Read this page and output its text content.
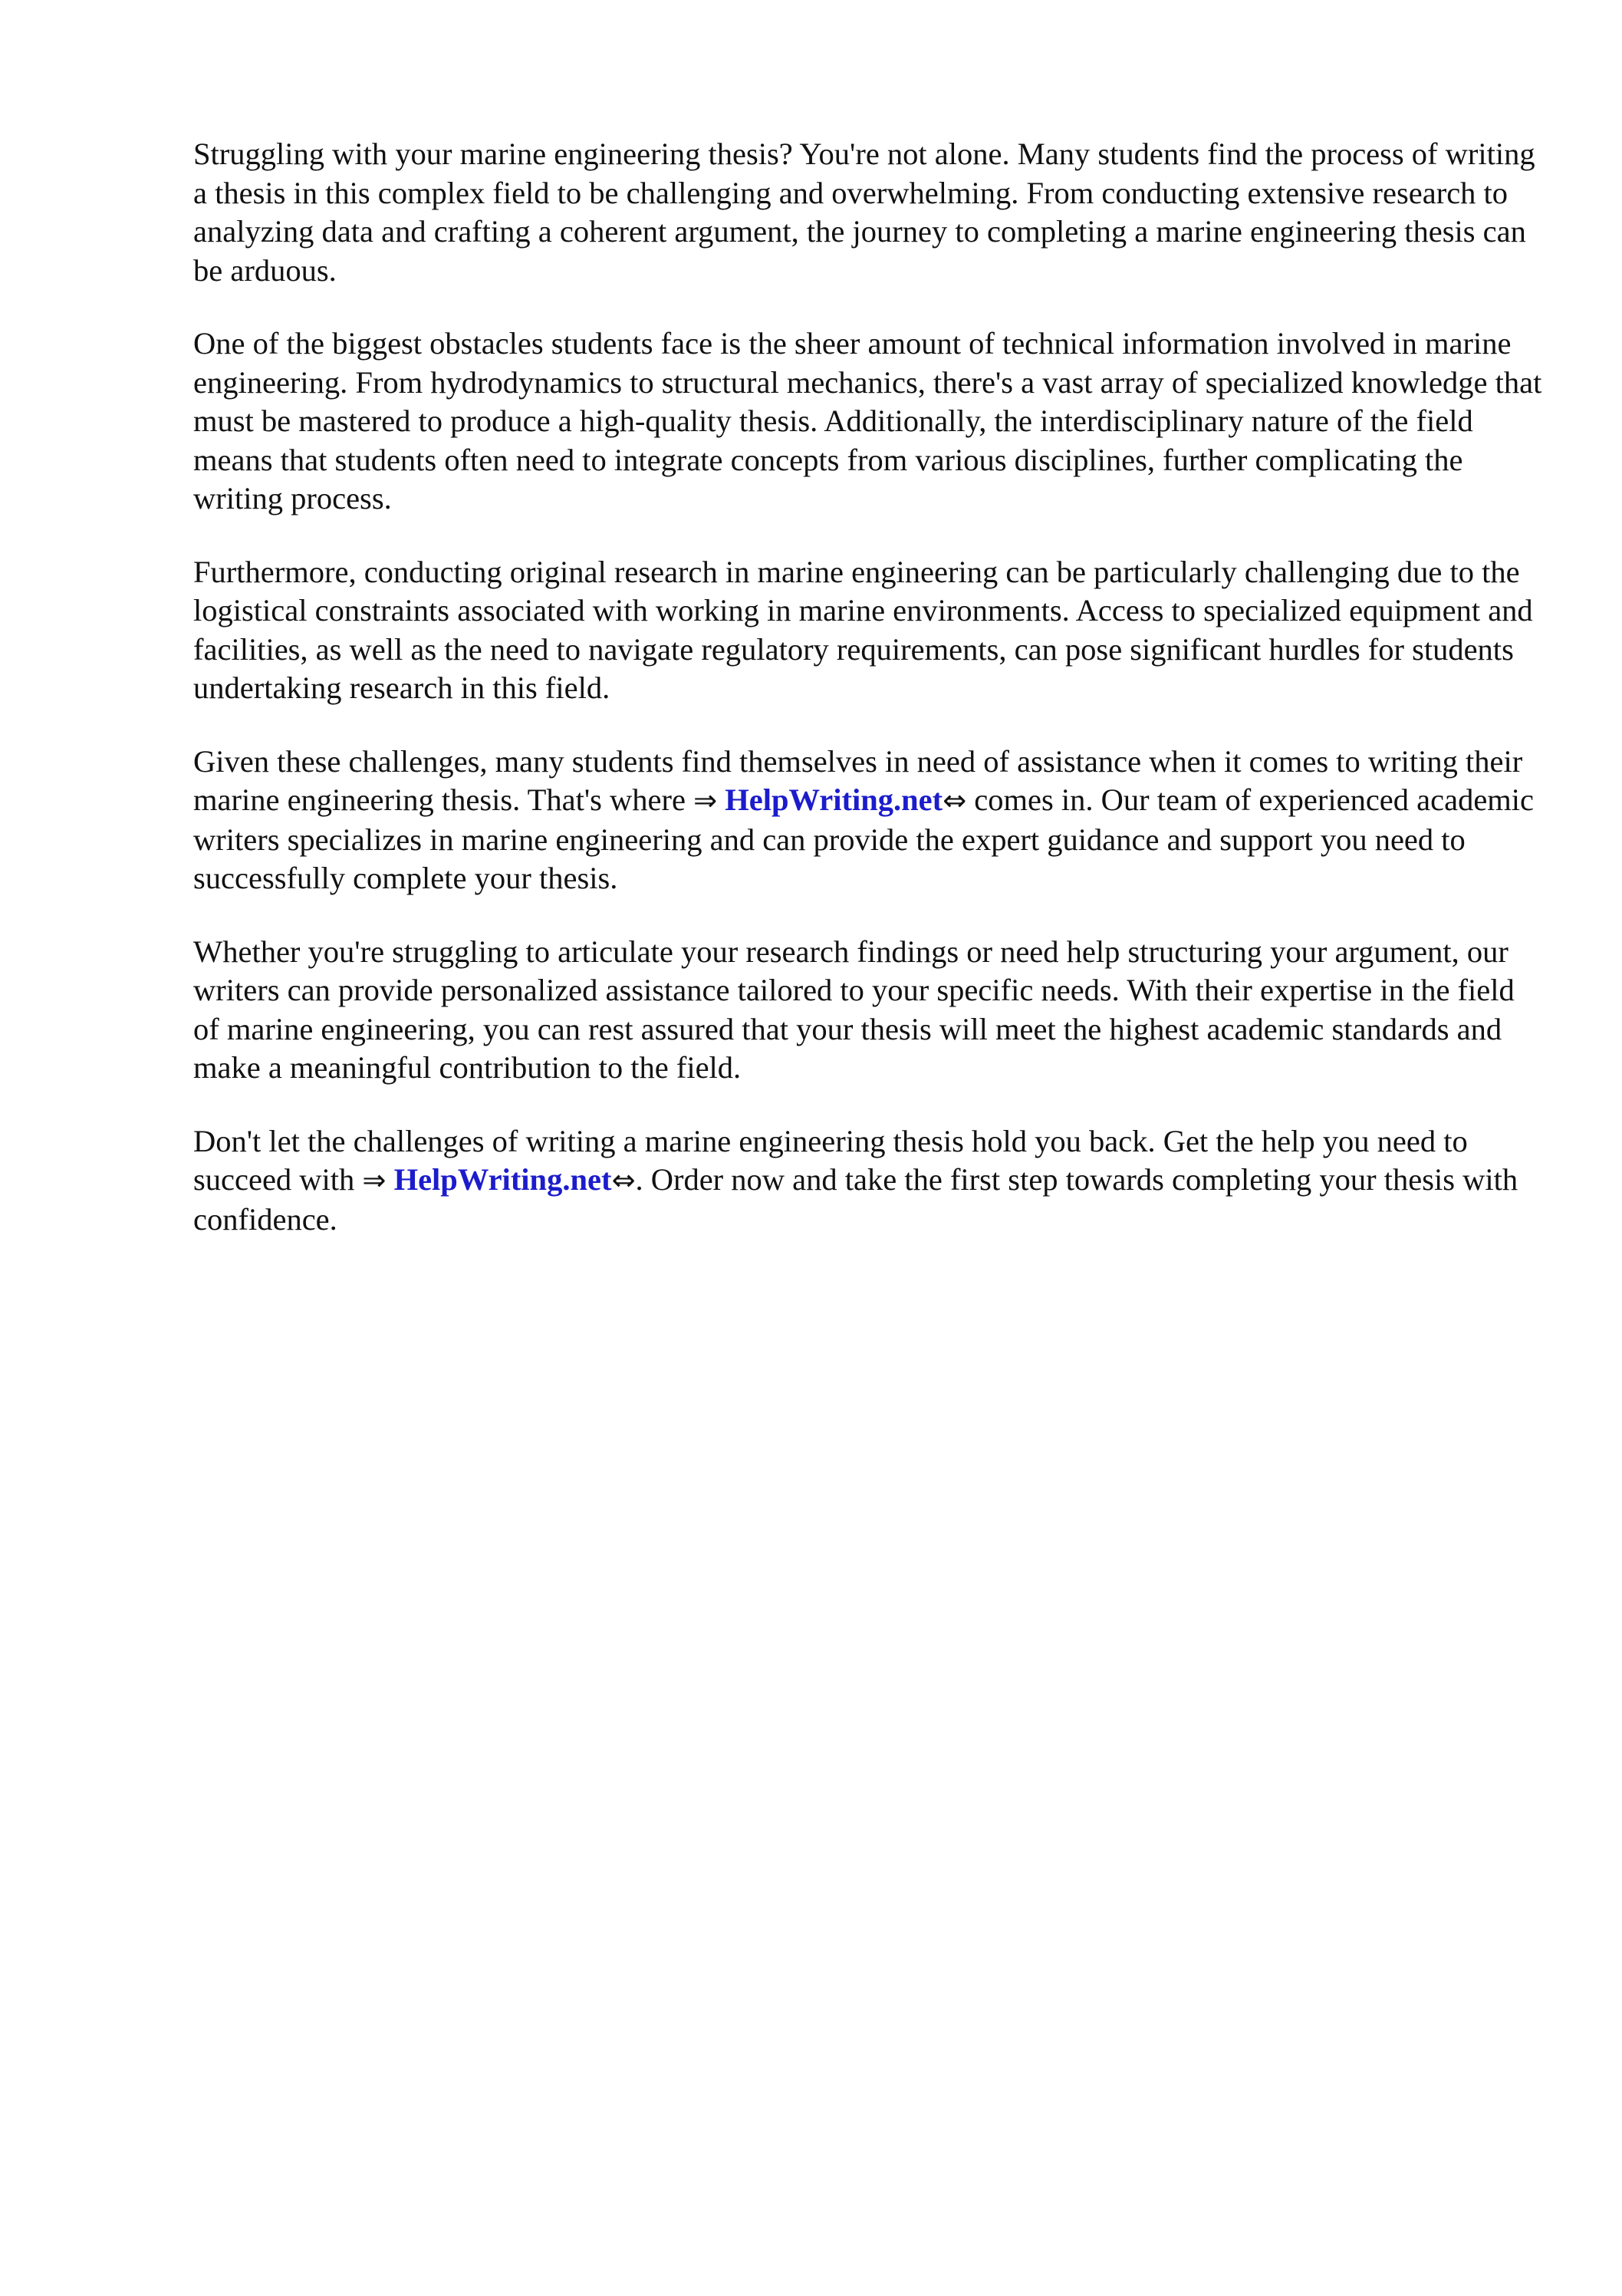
Struggling with your marine engineering thesis? You're not alone. Many students find the process of writing a thesis in this complex field to be challenging and overwhelming. From conducting extensive research to analyzing data and crafting a coherent argument, the journey to completing a marine engineering thesis can be arduous.

One of the biggest obstacles students face is the sheer amount of technical information involved in marine engineering. From hydrodynamics to structural mechanics, there's a vast array of specialized knowledge that must be mastered to produce a high-quality thesis. Additionally, the interdisciplinary nature of the field means that students often need to integrate concepts from various disciplines, further complicating the writing process.

Furthermore, conducting original research in marine engineering can be particularly challenging due to the logistical constraints associated with working in marine environments. Access to specialized equipment and facilities, as well as the need to navigate regulatory requirements, can pose significant hurdles for students undertaking research in this field.

Given these challenges, many students find themselves in need of assistance when it comes to writing their marine engineering thesis. That's where ⇒ HelpWriting.net⇔ comes in. Our team of experienced academic writers specializes in marine engineering and can provide the expert guidance and support you need to successfully complete your thesis.

Whether you're struggling to articulate your research findings or need help structuring your argument, our writers can provide personalized assistance tailored to your specific needs. With their expertise in the field of marine engineering, you can rest assured that your thesis will meet the highest academic standards and make a meaningful contribution to the field.

Don't let the challenges of writing a marine engineering thesis hold you back. Get the help you need to succeed with ⇒ HelpWriting.net⇔. Order now and take the first step towards completing your thesis with confidence.
